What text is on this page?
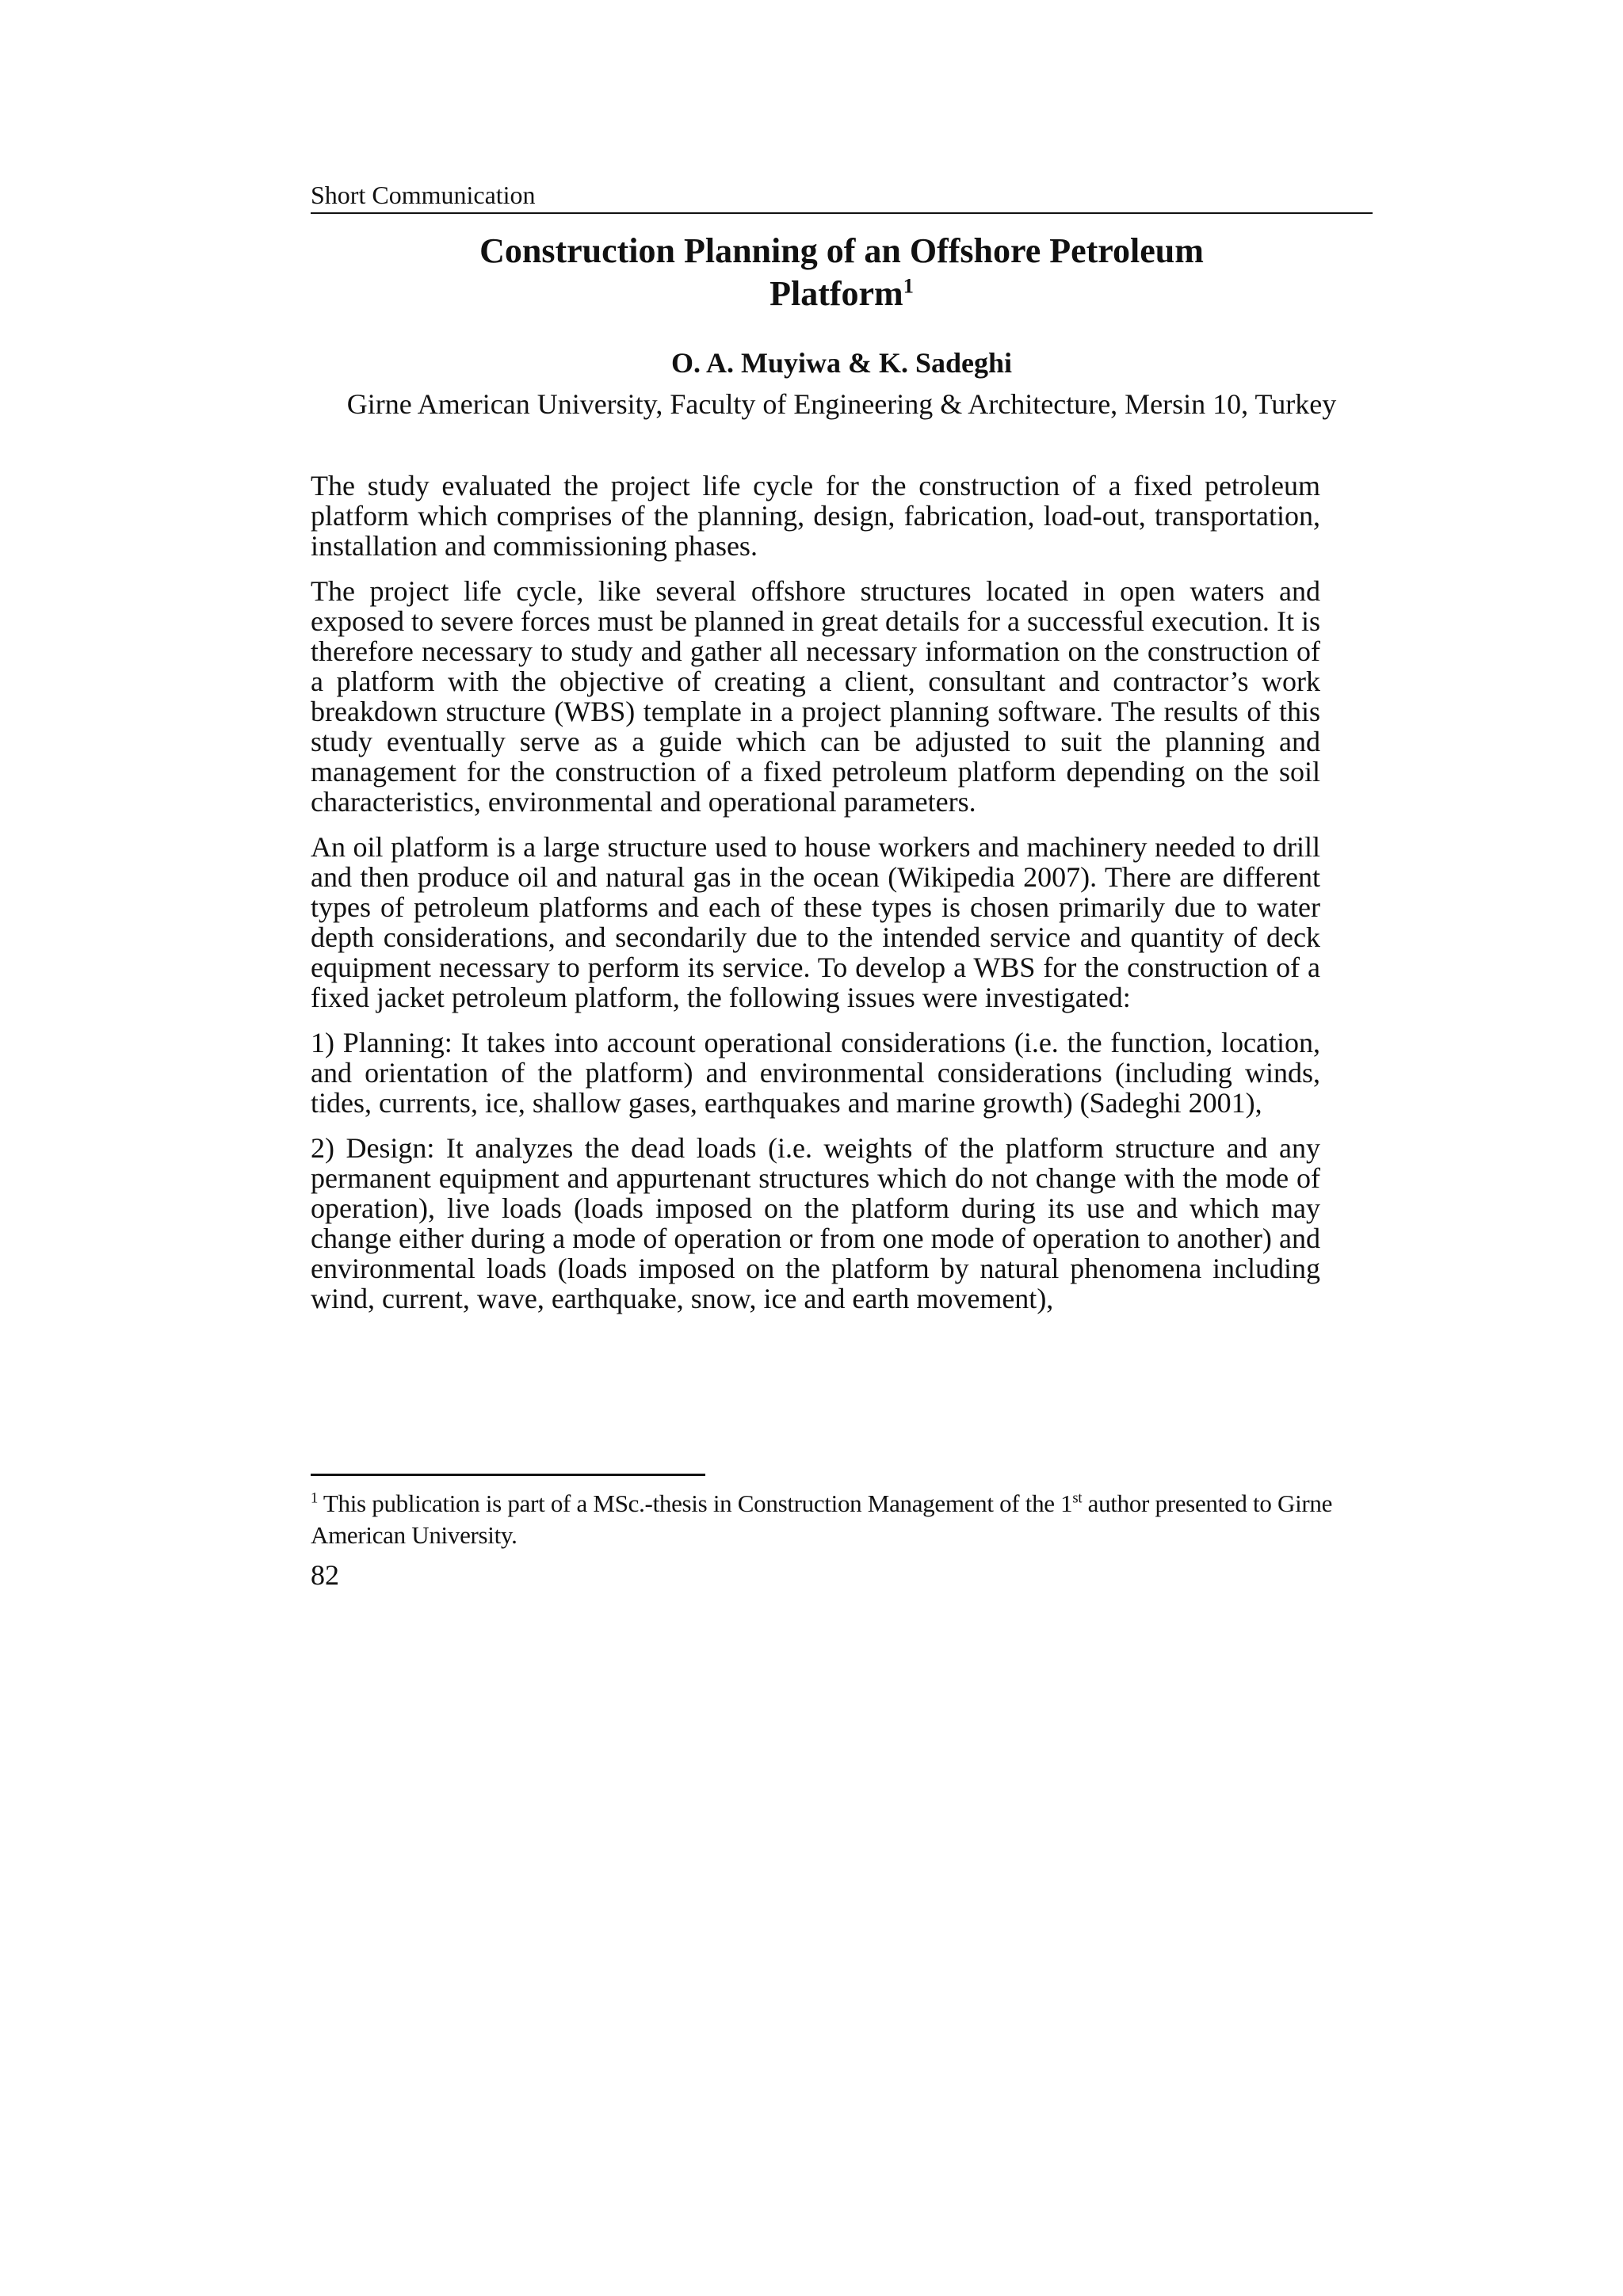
Short Communication
Construction Planning of an Offshore Petroleum
Platform$^1$
O. A. Muyiwa & K. Sadeghi
Girne American University, Faculty of Engineering & Architecture, Mersin 10, Turkey

The study evaluated the project life cycle for the construction of a fixed petroleum platform which comprises of the planning, design, fabrication, load-out, transportation, installation and commissioning phases.

The project life cycle, like several offshore structures located in open waters and exposed to severe forces must be planned in great details for a successful execution. It is therefore necessary to study and gather all necessary information on the construction of a platform with the objective of creating a client, consultant and contractor’s work breakdown structure (WBS) template in a project planning software. The results of this study eventually serve as a guide which can be adjusted to suit the planning and management for the construction of a fixed petroleum platform depending on the soil characteristics, environmental and operational parameters.

An oil platform is a large structure used to house workers and machinery needed to drill and then produce oil and natural gas in the ocean (Wikipedia 2007). There are different types of petroleum platforms and each of these types is chosen primarily due to water depth considerations, and secondarily due to the intended service and quantity of deck equipment necessary to perform its service. To develop a WBS for the construction of a fixed jacket petroleum platform, the following issues were investigated:

1) Planning: It takes into account operational considerations (i.e. the function, location, and orientation of the platform) and environmental considerations (including winds, tides, currents, ice, shallow gases, earthquakes and marine growth) (Sadeghi 2001),

2) Design: It analyzes the dead loads (i.e. weights of the platform structure and any permanent equipment and appurtenant structures which do not change with the mode of operation), live loads (loads imposed on the platform during its use and which may change either during a mode of operation or from one mode of operation to another) and environmental loads (loads imposed on the platform by natural phenomena including wind, current, wave, earthquake, snow, ice and earth movement),

$^1$ This publication is part of a MSc.-thesis in Construction Management of the 1st author presented to Girne American University.
82
